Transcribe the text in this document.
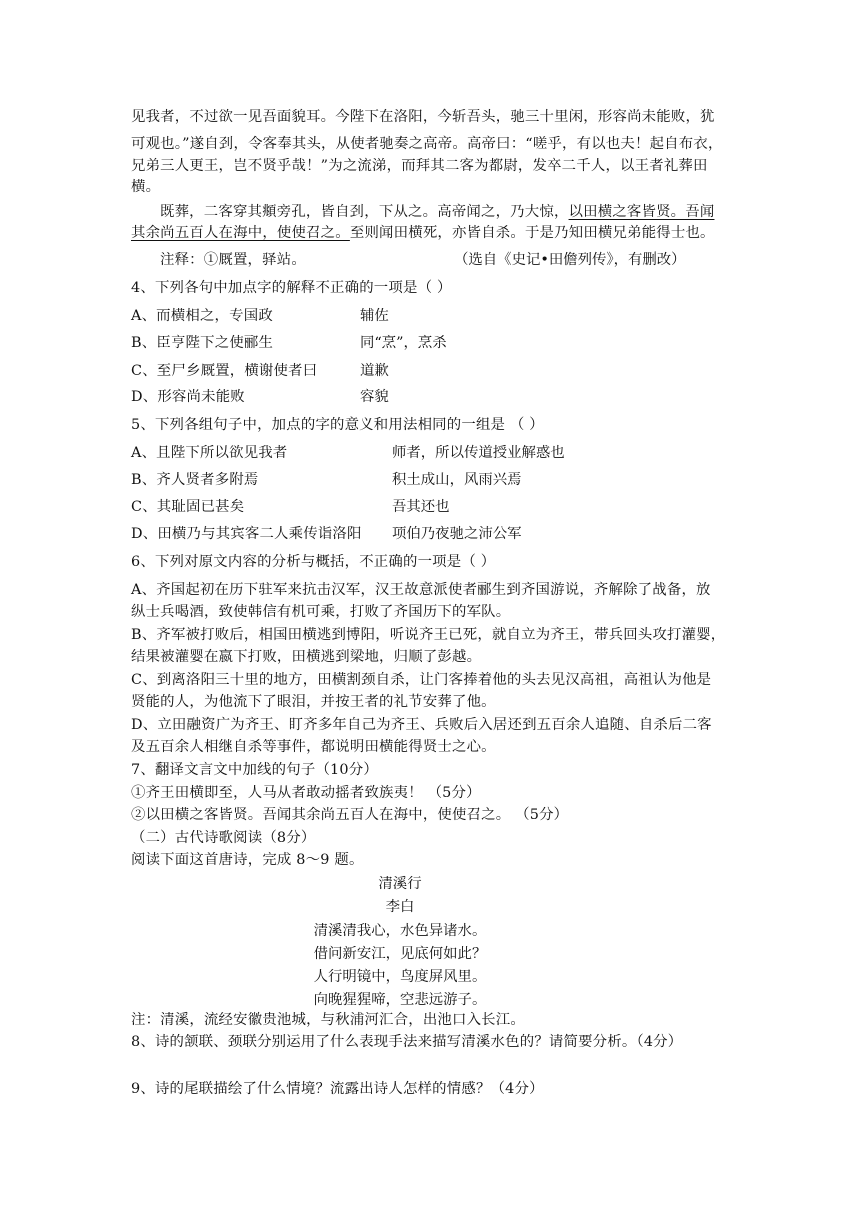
见我者，不过欲一见吾面貌耳。今陛下在洛阳，今斩吾头，驰三十里闲，形容尚未能败，犹
可观也。”遂自刭，令客奉其头，从使者驰奏之高帝。高帝曰：“嗟乎，有以也夫！起自布衣，
兄弟三人更王，岂不贤乎哉！”为之流涕，而拜其二客为都尉，发卒二千人，以王者礼葬田
横。
既葬，二客穿其頫旁孔，皆自刭，下从之。高帝闻之，乃大惊，以田横之客皆贤。吾闻
其余尚五百人在海中，使使召之。至则闻田横死，亦皆自杀。于是乃知田横兄弟能得士也。
注释：①厩置，驿站。	（选自《史记•田儋列传》，有删改）
4、下列各句中加点字的解释不正确的一项是（ ）
A、而横相之，专国政	辅佐
B、臣亨陛下之使郦生	同“烹”，烹杀
C、至尸乡厩置，横谢使者曰	道歉
D、形容尚未能败	容貌
5、下列各组句子中，加点的字的意义和用法相同的一组是 （ ）
A、且陛下所以欲见我者	师者，所以传道授业解惑也
B、齐人贤者多附焉	积土成山，风雨兴焉
C、其耻固已甚矣	吾其还也
D、田横乃与其宾客二人乘传诣洛阳 项伯乃夜驰之沛公军
6、下列对原文内容的分析与概括，不正确的一项是（ ）
A、齐国起初在历下驻军来抗击汉军，汉王故意派使者郦生到齐国游说，齐解除了战备，放
纵士兵喝酒，致使韩信有机可乘，打败了齐国历下的军队。
B、齐军被打败后，相国田横逃到博阳，听说齐王已死，就自立为齐王，带兵回头攻打灌婴，
结果被灌婴在嬴下打败，田横逃到梁地，归顺了彭越。
C、到离洛阳三十里的地方，田横割颈自杀，让门客捧着他的头去见汉高祖，高祖认为他是
贤能的人，为他流下了眼泪，并按王者的礼节安葬了他。
D、立田融资广为齐王、盯齐多年自己为齐王、兵败后入居还到五百余人追随、自杀后二客
及五百余人相继自杀等事件，都说明田横能得贤士之心。
7、翻译文言文中加线的句子（10分）
①齐王田横即至，人马从者敢动摇者致族夷！ （5分）
②以田横之客皆贤。吾闻其余尚五百人在海中，使使召之。 （5分）
（二）古代诗歌阅读（8分）
阅读下面这首唐诗，完成 8～9 题。
清溪行
李白
清溪清我心，水色异诸水。
借问新安江，见底何如此？
人行明镜中，鸟度屏风里。
向晚猩猩啼，空悲远游子。
注：清溪，流经安徽贵池城，与秋浦河汇合，出池口入长江。
8、诗的颔联、颈联分别运用了什么表现手法来描写清溪水色的？请简要分析。（4分）
9、诗的尾联描绘了什么情境？流露出诗人怎样的情感？（4分）
